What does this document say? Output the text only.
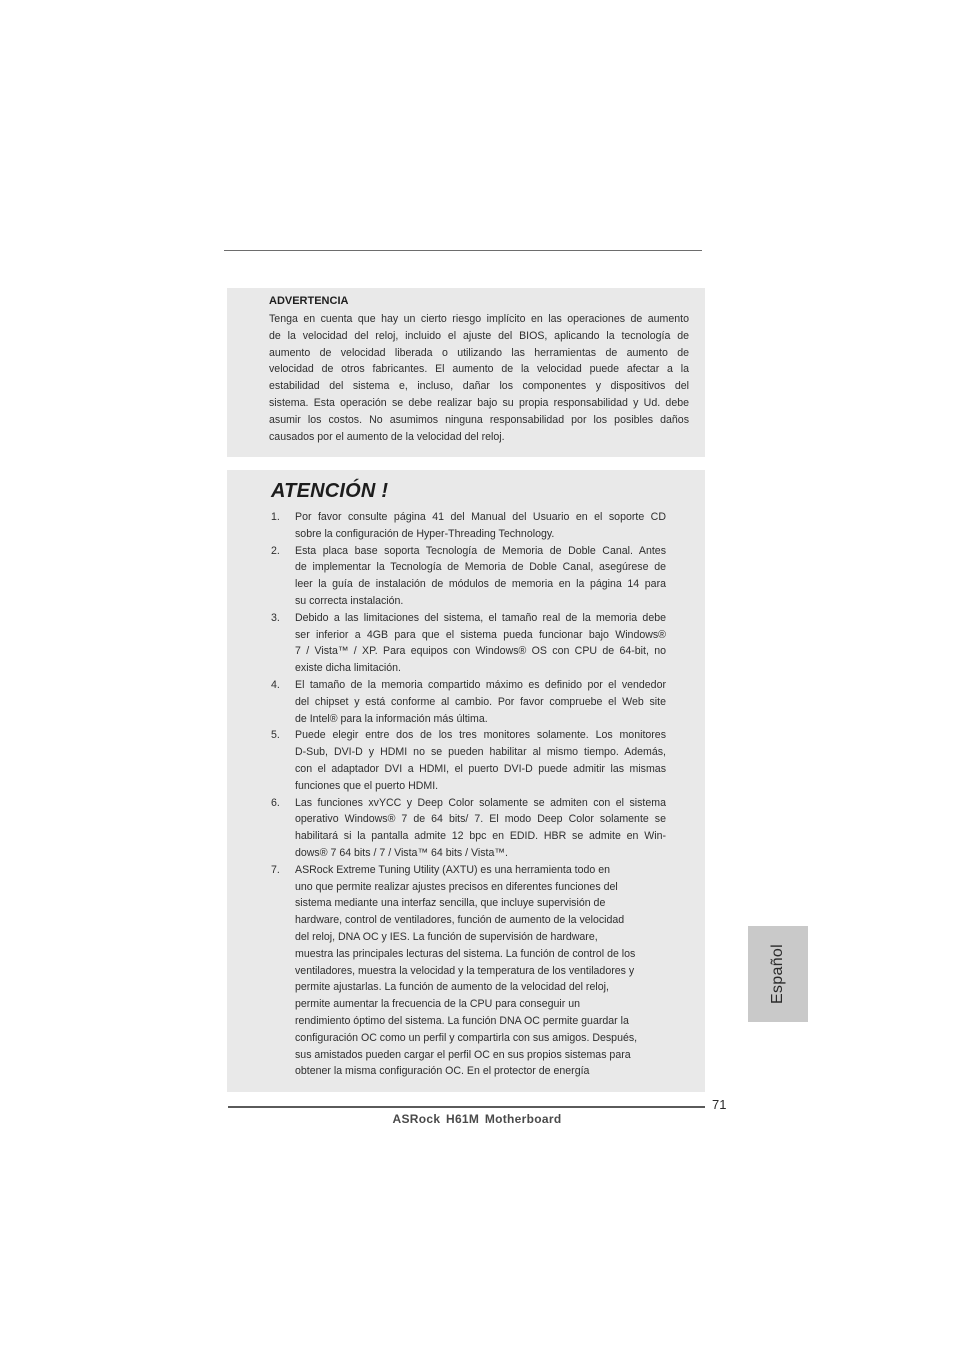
ADVERTENCIA

Tenga en cuenta que hay un cierto riesgo implícito en las operaciones de aumento
de la velocidad del reloj, incluido el ajuste del BIOS, aplicando la tecnología de
aumento de velocidad liberada o utilizando las herramientas de aumento de
velocidad de otros fabricantes. El aumento de la velocidad puede afectar a la
estabilidad del sistema e, incluso, dañar los componentes y dispositivos del
sistema. Esta operación se debe realizar bajo su propia responsabilidad y Ud. debe
asumir los costos. No asumimos ninguna responsabilidad por los posibles daños
causados por el aumento de la velocidad del reloj.

ATENCIÓN !
1. Por favor consulte página 41 del Manual del Usuario en el soporte CD
sobre la configuración de Hyper-Threading Technology.
2. Esta placa base soporta Tecnología de Memoria de Doble Canal. Antes
de implementar la Tecnología de Memoria de Doble Canal, asegúrese de
leer la guía de instalación de módulos de memoria en la página 14 para
su correcta instalación.
3. Debido a las limitaciones del sistema, el tamaño real de la memoria debe
ser inferior a 4GB para que el sistema pueda funcionar bajo Windows®
7 / Vista™ / XP. Para equipos con Windows® OS con CPU de 64-bit, no
existe dicha limitación.
4. El tamaño de la memoria compartido máximo es definido por el vendedor
del chipset y está conforme al cambio. Por favor compruebe el Web site
de Intel® para la información más última.
5. Puede elegir entre dos de los tres monitores solamente. Los monitores
D-Sub, DVI-D y HDMI no se pueden habilitar al mismo tiempo. Además,
con el adaptador DVI a HDMI, el puerto DVI-D puede admitir las mismas
funciones que el puerto HDMI.
6. Las funciones xvYCC y Deep Color solamente se admiten con el sistema
operativo Windows® 7 de 64 bits/ 7. El modo Deep Color solamente se
habilitará si la pantalla admite 12 bpc en EDID. HBR se admite en Win-
dows® 7 64 bits / 7 / Vista™ 64 bits / Vista™.
7. ASRock Extreme Tuning Utility (AXTU) es una herramienta todo en
uno que permite realizar ajustes precisos en diferentes funciones del
sistema mediante una interfaz sencilla, que incluye supervisión de
hardware, control de ventiladores, función de aumento de la velocidad
del reloj, DNA OC y IES. La función de supervisión de hardware,
muestra las principales lecturas del sistema. La función de control de los
ventiladores, muestra la velocidad y la temperatura de los ventiladores y
permite ajustarlas. La función de aumento de la velocidad del reloj,
permite aumentar la frecuencia de la CPU para conseguir un
rendimiento óptimo del sistema. La función DNA OC permite guardar la
configuración OC como un perfil y compartirla con sus amigos. Después,
sus amistados pueden cargar el perfil OC en sus propios sistemas para
obtener la misma configuración OC. En el protector de energía
Español
71
ASRock H61M Motherboard
